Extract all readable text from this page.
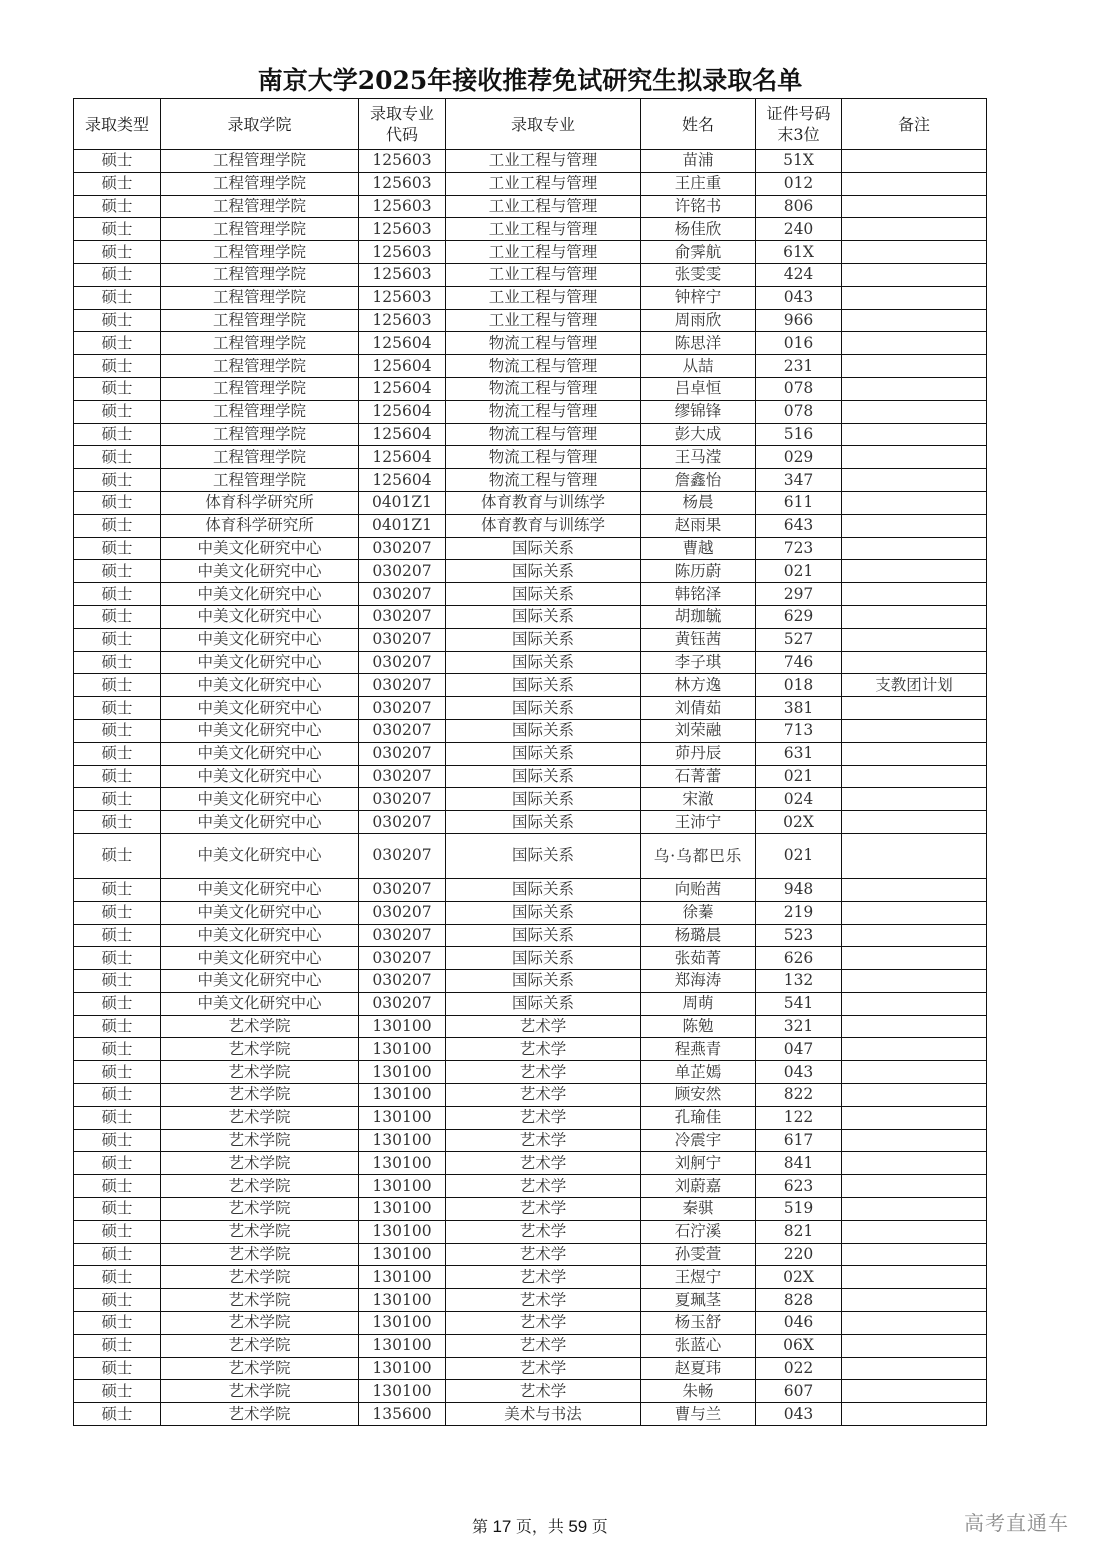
南京大学2025年接收推荐免试研究生拟录取名单
录取类型	录取学院	录取专业代码	录取专业	姓名	证件号码末3位	备注
硕士	工程管理学院	125603	工业工程与管理	苗浦	51X	
硕士	工程管理学院	125603	工业工程与管理	王庄重	012	
硕士	工程管理学院	125603	工业工程与管理	许铭书	806	
硕士	工程管理学院	125603	工业工程与管理	杨佳欣	240	
硕士	工程管理学院	125603	工业工程与管理	俞霁航	61X	
硕士	工程管理学院	125603	工业工程与管理	张雯雯	424	
硕士	工程管理学院	125603	工业工程与管理	钟梓宁	043	
硕士	工程管理学院	125603	工业工程与管理	周雨欣	966	
硕士	工程管理学院	125604	物流工程与管理	陈思洋	016	
硕士	工程管理学院	125604	物流工程与管理	从喆	231	
硕士	工程管理学院	125604	物流工程与管理	吕卓恒	078	
硕士	工程管理学院	125604	物流工程与管理	缪锦锋	078	
硕士	工程管理学院	125604	物流工程与管理	彭大成	516	
硕士	工程管理学院	125604	物流工程与管理	王马滢	029	
硕士	工程管理学院	125604	物流工程与管理	詹鑫怡	347	
硕士	体育科学研究所	0401Z1	体育教育与训练学	杨晨	611	
硕士	体育科学研究所	0401Z1	体育教育与训练学	赵雨果	643	
硕士	中美文化研究中心	030207	国际关系	曹越	723	
硕士	中美文化研究中心	030207	国际关系	陈历蔚	021	
硕士	中美文化研究中心	030207	国际关系	韩铭泽	297	
硕士	中美文化研究中心	030207	国际关系	胡珈毓	629	
硕士	中美文化研究中心	030207	国际关系	黄钰茜	527	
硕士	中美文化研究中心	030207	国际关系	李子琪	746	
硕士	中美文化研究中心	030207	国际关系	林方逸	018	支教团计划
硕士	中美文化研究中心	030207	国际关系	刘倩茹	381	
硕士	中美文化研究中心	030207	国际关系	刘荣融	713	
硕士	中美文化研究中心	030207	国际关系	茆丹辰	631	
硕士	中美文化研究中心	030207	国际关系	石菁蕾	021	
硕士	中美文化研究中心	030207	国际关系	宋澈	024	
硕士	中美文化研究中心	030207	国际关系	王沛宁	02X	
硕士	中美文化研究中心	030207	国际关系	乌·乌都巴乐	021	
硕士	中美文化研究中心	030207	国际关系	向贻茜	948	
硕士	中美文化研究中心	030207	国际关系	徐蓁	219	
硕士	中美文化研究中心	030207	国际关系	杨璐晨	523	
硕士	中美文化研究中心	030207	国际关系	张茹菁	626	
硕士	中美文化研究中心	030207	国际关系	郑海涛	132	
硕士	中美文化研究中心	030207	国际关系	周萌	541	
硕士	艺术学院	130100	艺术学	陈勉	321	
硕士	艺术学院	130100	艺术学	程燕青	047	
硕士	艺术学院	130100	艺术学	单芷嫣	043	
硕士	艺术学院	130100	艺术学	顾安然	822	
硕士	艺术学院	130100	艺术学	孔瑜佳	122	
硕士	艺术学院	130100	艺术学	冷震宇	617	
硕士	艺术学院	130100	艺术学	刘舸宁	841	
硕士	艺术学院	130100	艺术学	刘蔚嘉	623	
硕士	艺术学院	130100	艺术学	秦骐	519	
硕士	艺术学院	130100	艺术学	石泞溪	821	
硕士	艺术学院	130100	艺术学	孙雯萱	220	
硕士	艺术学院	130100	艺术学	王煜宁	02X	
硕士	艺术学院	130100	艺术学	夏珮茎	828	
硕士	艺术学院	130100	艺术学	杨玉舒	046	
硕士	艺术学院	130100	艺术学	张蓝心	06X	
硕士	艺术学院	130100	艺术学	赵夏玮	022	
硕士	艺术学院	130100	艺术学	朱畅	607	
硕士	艺术学院	135600	美术与书法	曹与兰	043	
第 17 页，共 59 页	高考直通车
